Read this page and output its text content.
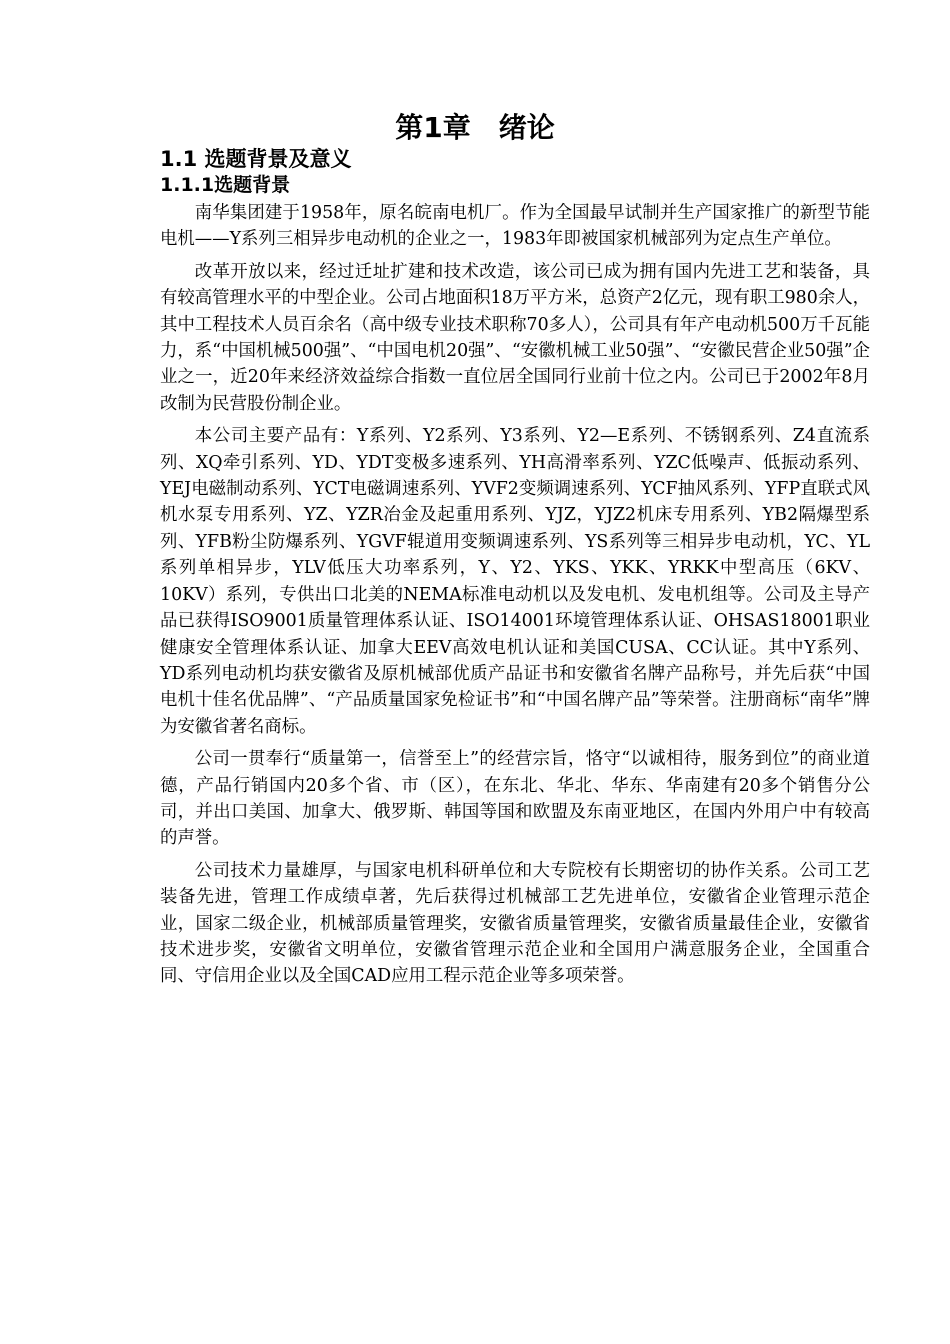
第1章　绪论
1.1 选题背景及意义
1.1.1选题背景

南华集团建于1958年，原名皖南电机厂。作为全国最早试制并生产国家推广的新型节能电机——Y系列三相异步电动机的企业之一，1983年即被国家机械部列为定点生产单位。

改革开放以来，经过迁址扩建和技术改造，该公司已成为拥有国内先进工艺和装备，具有较高管理水平的中型企业。公司占地面积18万平方米，总资产2亿元，现有职工980余人，其中工程技术人员百余名（高中级专业技术职称70多人），公司具有年产电动机500万千瓦能力，系“中国机械500强”、“中国电机20强”、“安徽机械工业50强”、“安徽民营企业50强”企业之一，近20年来经济效益综合指数一直位居全国同行业前十位之内。公司已于2002年8月改制为民营股份制企业。

本公司主要产品有：Y系列、Y2系列、Y3系列、Y2—E系列、不锈钢系列、Z4直流系列、XQ牵引系列、YD、YDT变极多速系列、YH高滑率系列、YZC低噪声、低振动系列、YEJ电磁制动系列、YCT电磁调速系列、YVF2变频调速系列、YCF抽风系列、YFP直联式风机水泵专用系列、YZ、YZR冶金及起重用系列、YJZ，YJZ2机床专用系列、YB2隔爆型系列、YFB粉尘防爆系列、YGVF辊道用变频调速系列、YS系列等三相异步电动机，YC、YL系列单相异步，YLV低压大功率系列，Y、Y2、YKS、YKK、YRKK中型高压（6KV、10KV）系列，专供出口北美的NEMA标准电动机以及发电机、发电机组等。公司及主导产品已获得ISO9001质量管理体系认证、ISO14001环境管理体系认证、OHSAS18001职业健康安全管理体系认证、加拿大EEV高效电机认证和美国CUSA、CC认证。其中Y系列、YD系列电动机均获安徽省及原机械部优质产品证书和安徽省名牌产品称号，并先后获“中国电机十佳名优品牌”、“产品质量国家免检证书”和“中国名牌产品”等荣誉。注册商标“南华”牌为安徽省著名商标。

公司一贯奉行“质量第一，信誉至上”的经营宗旨，恪守“以诚相待，服务到位”的商业道德，产品行销国内20多个省、市（区），在东北、华北、华东、华南建有20多个销售分公司，并出口美国、加拿大、俄罗斯、韩国等国和欧盟及东南亚地区，在国内外用户中有较高的声誉。

公司技术力量雄厚，与国家电机科研单位和大专院校有长期密切的协作关系。公司工艺装备先进，管理工作成绩卓著，先后获得过机械部工艺先进单位，安徽省企业管理示范企业，国家二级企业，机械部质量管理奖，安徽省质量管理奖，安徽省质量最佳企业，安徽省技术进步奖，安徽省文明单位，安徽省管理示范企业和全国用户满意服务企业，全国重合同、守信用企业以及全国CAD应用工程示范企业等多项荣誉。
